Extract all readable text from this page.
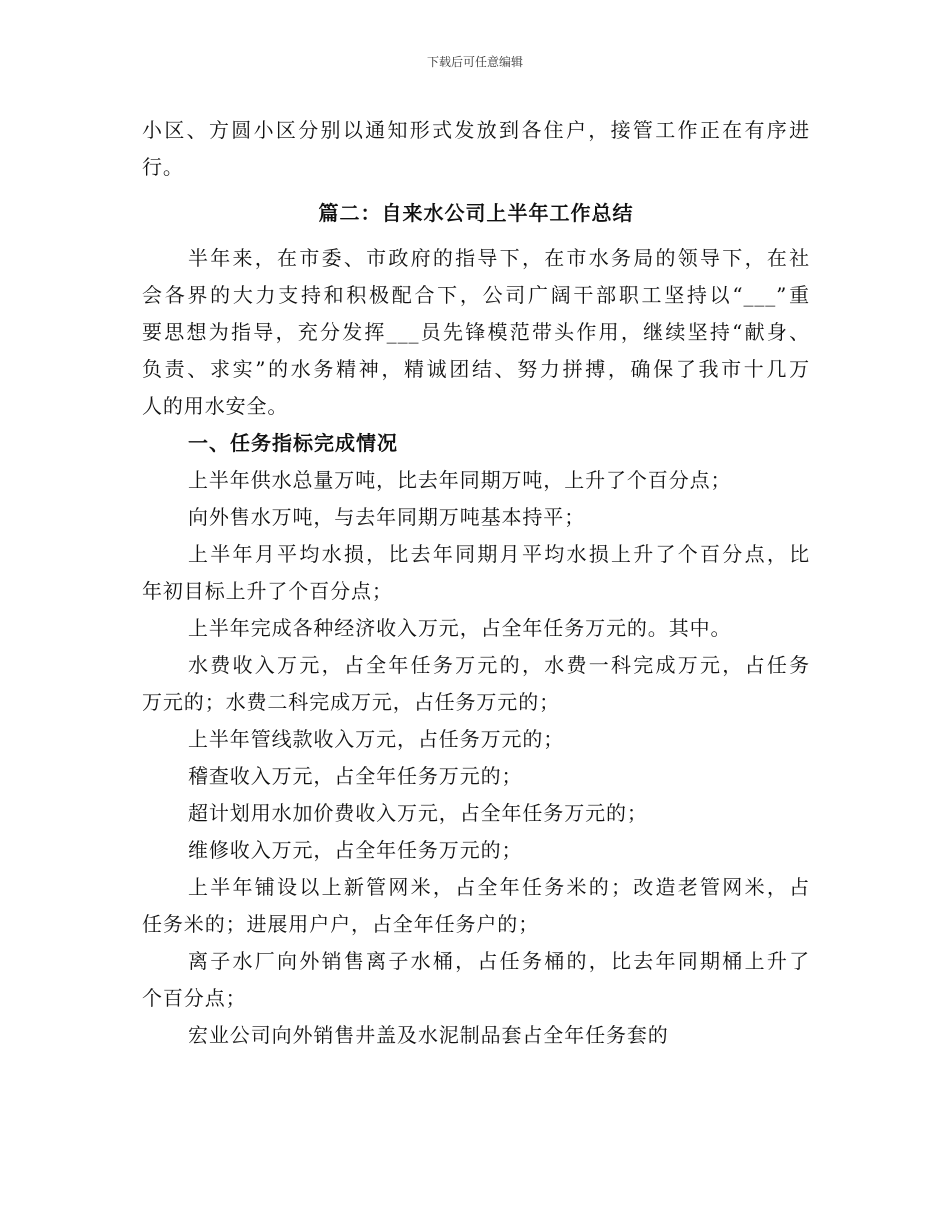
下载后可任意编辑
小区、方圆小区分别以通知形式发放到各住户，接管工作正在有序进
行。
篇二：自来水公司上半年工作总结
半年来，在市委、市政府的指导下，在市水务局的领导下，在社
会各界的大力支持和积极配合下，公司广阔干部职工坚持以“___”重
要思想为指导，充分发挥___员先锋模范带头作用，继续坚持“献身、
负责、求实”的水务精神，精诚团结、努力拼搏，确保了我市十几万
人的用水安全。
一、任务指标完成情况
上半年供水总量万吨，比去年同期万吨，上升了个百分点；
向外售水万吨，与去年同期万吨基本持平；
上半年月平均水损，比去年同期月平均水损上升了个百分点，比
年初目标上升了个百分点；
上半年完成各种经济收入万元，占全年任务万元的。其中。
水费收入万元，占全年任务万元的，水费一科完成万元，占任务
万元的；水费二科完成万元，占任务万元的；
上半年管线款收入万元，占任务万元的；
稽查收入万元，占全年任务万元的；
超计划用水加价费收入万元，占全年任务万元的；
维修收入万元，占全年任务万元的；
上半年铺设以上新管网米，占全年任务米的；改造老管网米，占
任务米的；进展用户户，占全年任务户的；
离子水厂向外销售离子水桶，占任务桶的，比去年同期桶上升了
个百分点；
宏业公司向外销售井盖及水泥制品套占全年任务套的
